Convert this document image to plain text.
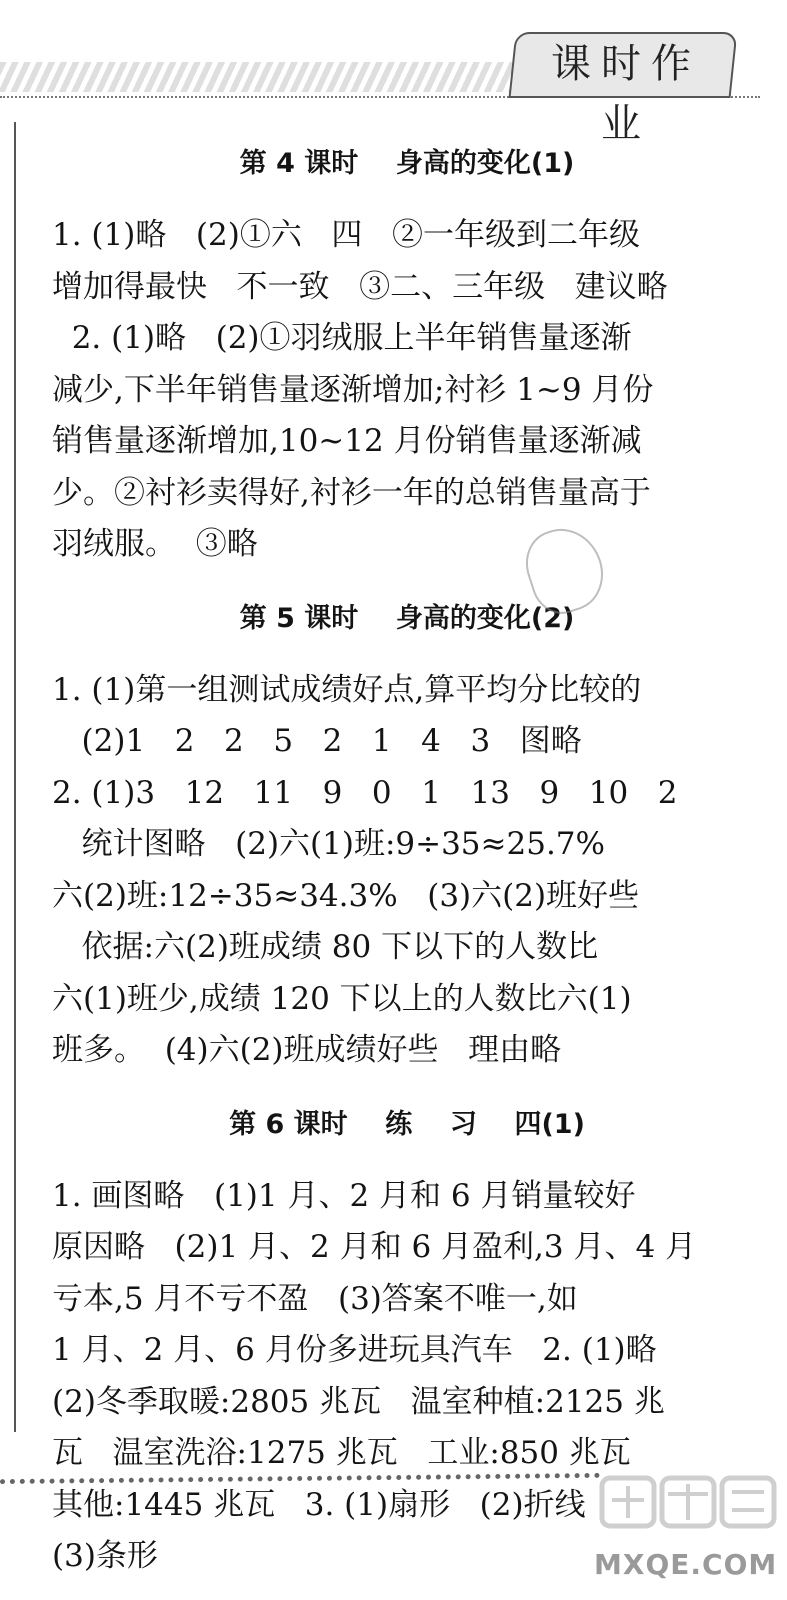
课时作业
第 4 课时    身高的变化(1)

1. (1)略   (2)①六   四   ②一年级到二年级

增加得最快   不一致   ③二、三年级   建议略

2. (1)略   (2)①羽绒服上半年销售量逐渐

减少,下半年销售量逐渐增加;衬衫 1~9 月份

销售量逐渐增加,10~12 月份销售量逐渐减

少。②衬衫卖得好,衬衫一年的总销售量高于

羽绒服。  ③略

第 5 课时    身高的变化(2)

1. (1)第一组测试成绩好点,算平均分比较的

(2)1   2   2   5   2   1   4   3   图略

2. (1)3   12   11   9   0   1   13   9   10   2

统计图略   (2)六(1)班:9÷35≈25.7%

六(2)班:12÷35≈34.3%   (3)六(2)班好些

依据:六(2)班成绩 80 下以下的人数比

六(1)班少,成绩 120 下以上的人数比六(1)

班多。  (4)六(2)班成绩好些   理由略

第 6 课时    练    习    四(1)

1. 画图略   (1)1 月、2 月和 6 月销量较好

原因略   (2)1 月、2 月和 6 月盈利,3 月、4 月

亏本,5 月不亏不盈   (3)答案不唯一,如

1 月、2 月、6 月份多进玩具汽车   2. (1)略

(2)冬季取暖:2805 兆瓦   温室种植:2125 兆

瓦   温室洗浴:1275 兆瓦   工业:850 兆瓦

其他:1445 兆瓦   3. (1)扇形   (2)折线

(3)条形	MXQE.COM
